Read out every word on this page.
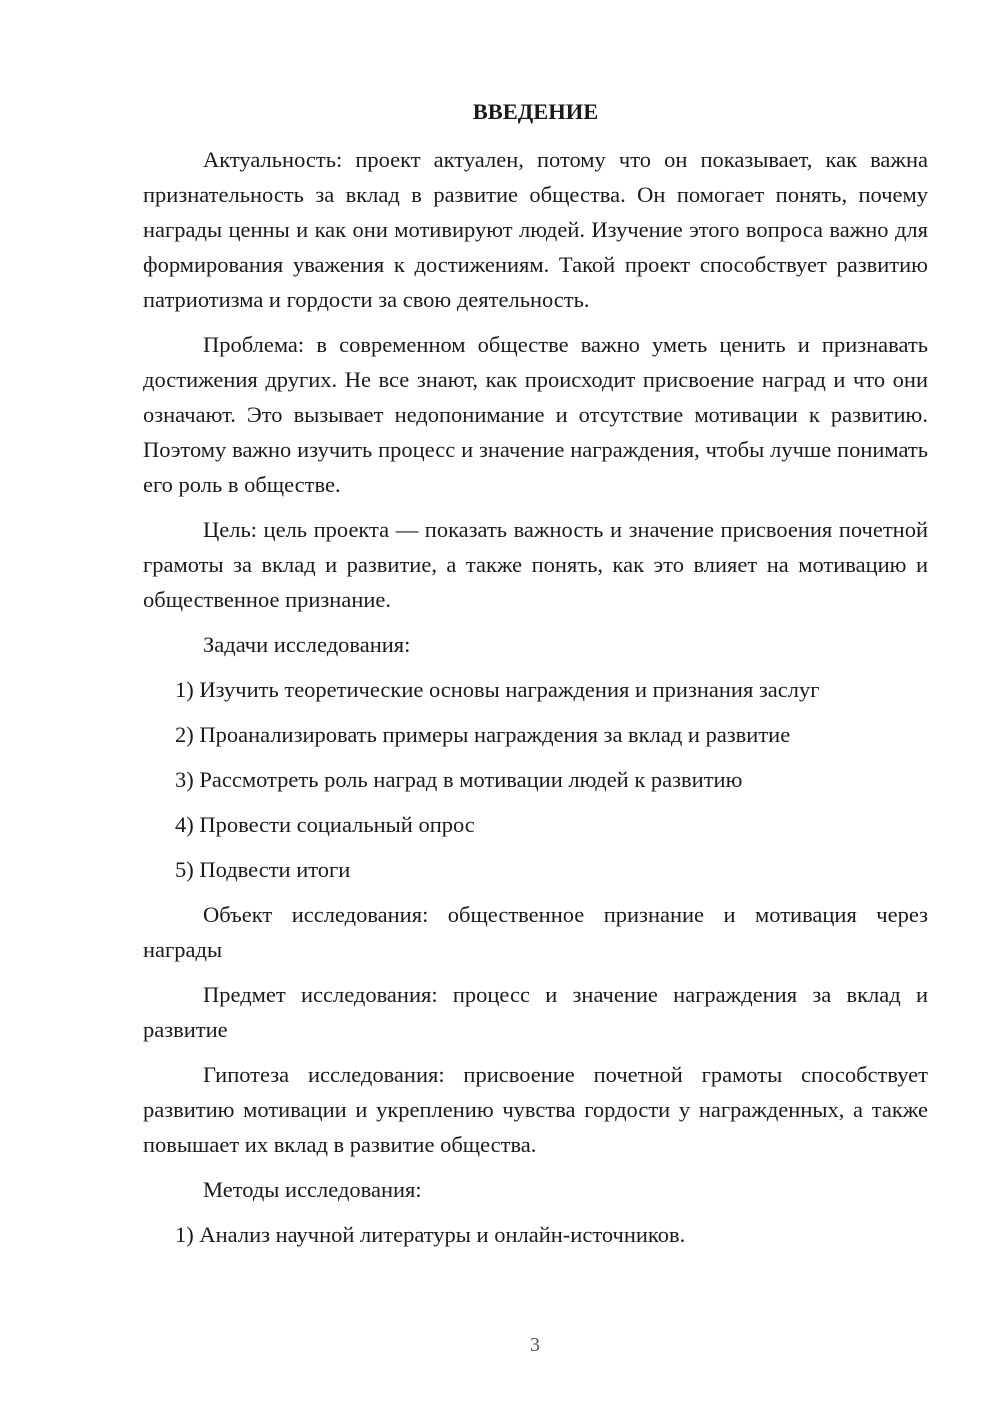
ВВЕДЕНИЕ

Актуальность: проект актуален, потому что он показывает, как важна признательность за вклад в развитие общества. Он помогает понять, почему награды ценны и как они мотивируют людей. Изучение этого вопроса важно для формирования уважения к достижениям. Такой проект способствует развитию патриотизма и гордости за свою деятельность.

Проблема: в современном обществе важно уметь ценить и признавать достижения других. Не все знают, как происходит присвоение наград и что они означают. Это вызывает недопонимание и отсутствие мотивации к развитию. Поэтому важно изучить процесс и значение награждения, чтобы лучше понимать его роль в обществе.

Цель: цель проекта — показать важность и значение присвоения почетной грамоты за вклад и развитие, а также понять, как это влияет на мотивацию и общественное признание.

Задачи исследования:

1) Изучить теоретические основы награждения и признания заслуг
2) Проанализировать примеры награждения за вклад и развитие
3) Рассмотреть роль наград в мотивации людей к развитию
4) Провести социальный опрос
5) Подвести итоги

Объект исследования: общественное признание и мотивация через награды

Предмет исследования: процесс и значение награждения за вклад и развитие

Гипотеза исследования: присвоение почетной грамоты способствует развитию мотивации и укреплению чувства гордости у награжденных, а также повышает их вклад в развитие общества.

Методы исследования:

1) Анализ научной литературы и онлайн-источников.
3
